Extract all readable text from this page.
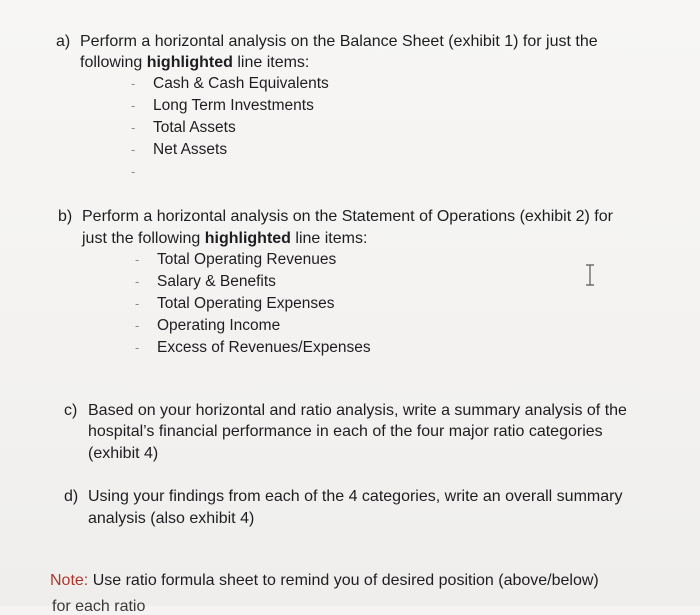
a) Perform a horizontal analysis on the Balance Sheet (exhibit 1) for just the
following highlighted line items:
- Cash & Cash Equivalents
- Long Term Investments
- Total Assets
- Net Assets
-
b) Perform a horizontal analysis on the Statement of Operations (exhibit 2) for
just the following highlighted line items:
- Total Operating Revenues
- Salary & Benefits
- Total Operating Expenses
- Operating Income
- Excess of Revenues/Expenses
c) Based on your horizontal and ratio analysis, write a summary analysis of the
hospital’s financial performance in each of the four major ratio categories
(exhibit 4)
d) Using your findings from each of the 4 categories, write an overall summary
analysis (also exhibit 4)
Note: Use ratio formula sheet to remind you of desired position (above/below)
for each ratio
